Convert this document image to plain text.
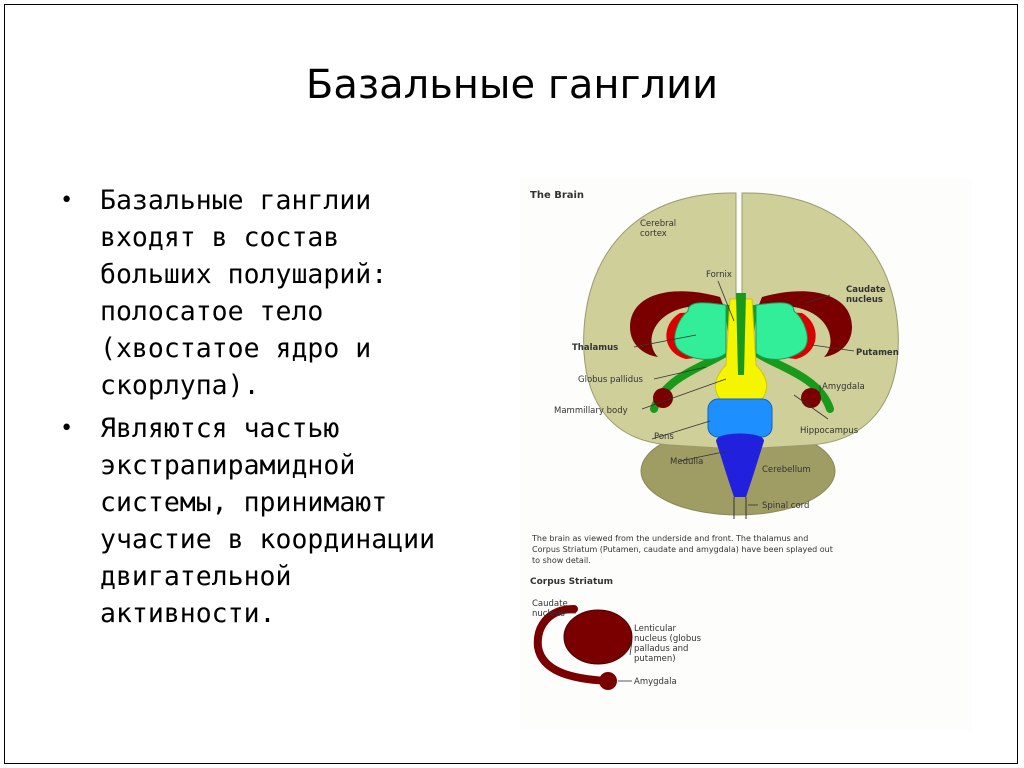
Базальные ганглии
• Базальные ганглии
входят в состав
больших полушарий:
полосатое тело
(хвостатое ядро и
скорлупа).
• Являются частью
экстрапирамидной
системы, принимают
участие в координации
двигательной
активности.
The Brain
Cerebral
cortex
Fornix
Caudate
nucleus
Thalamus	Putamen
Globus pallidus
Amygdala
Mammillary body
Hippocampus
Pons
Medulla
Cerebellum
Spinal cord
The brain as viewed from the underside and front. The thalamus and
Corpus Striatum (Putamen, caudate and amygdala) have been splayed out
to show detail.
Corpus Striatum
Caudate
nucleus
Lenticular
nucleus (globus
palladus and
putamen)
Amygdala
